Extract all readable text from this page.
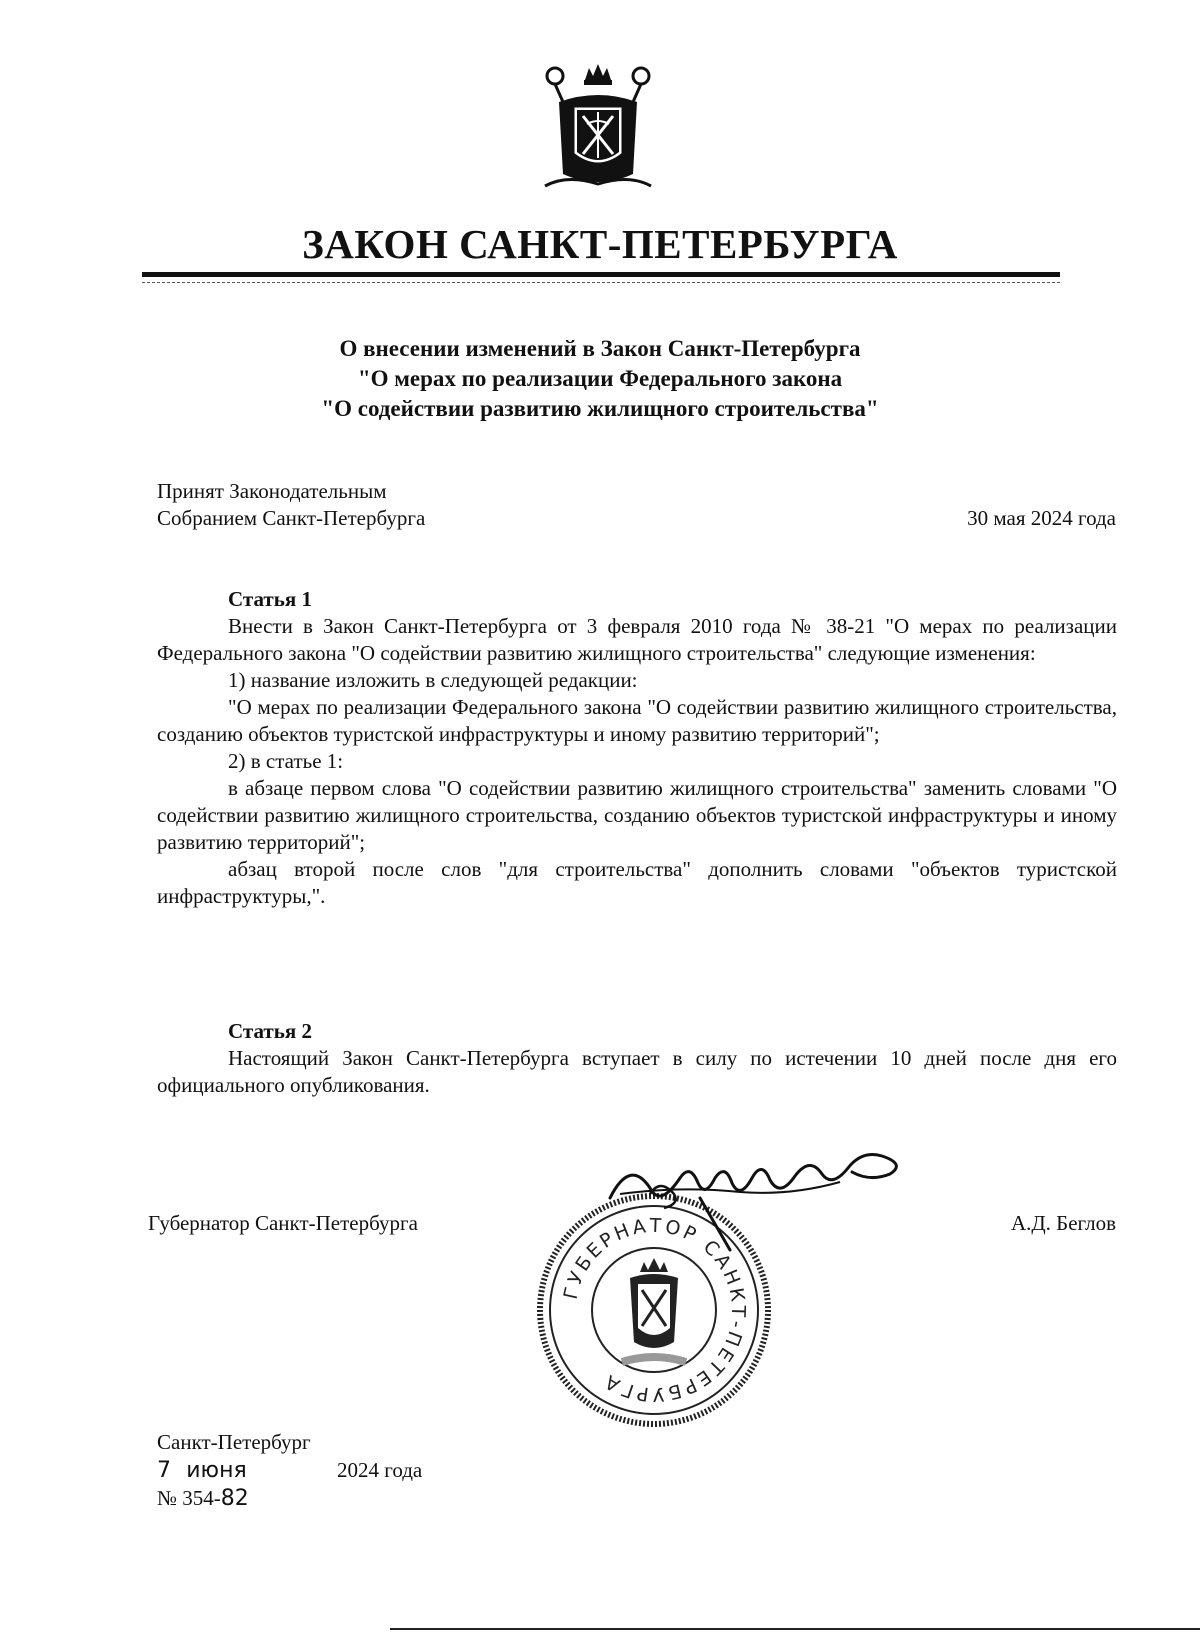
ЗАКОН САНКТ-ПЕТЕРБУРГА
О внесении изменений в Закон Санкт-Петербурга
"О мерах по реализации Федерального закона
"О содействии развитию жилищного строительства"
Принят Законодательным
Собранием Санкт-Петербурга	30 мая 2024 года
Статья 1

Внести в Закон Санкт-Петербурга от 3 февраля 2010 года № 38-21 "О мерах по реализации Федерального закона "О содействии развитию жилищного строительства" следующие изменения:

1) название изложить в следующей редакции:

"О мерах по реализации Федерального закона "О содействии развитию жилищного строительства, созданию объектов туристской инфраструктуры и иному развитию территорий";

2) в статье 1:

в абзаце первом слова "О содействии развитию жилищного строительства" заменить словами "О содействии развитию жилищного строительства, созданию объектов туристской инфраструктуры и иному развитию территорий";

абзац второй после слов "для строительства" дополнить словами "объектов туристской инфраструктуры,".

Статья 2

Настоящий Закон Санкт-Петербурга вступает в силу по истечении 10 дней после дня его официального опубликования.

Губернатор Санкт-Петербурга	А.Д. Беглов
ГУБЕРНАТОР САНКТ-ПЕТЕРБУРГА
Санкт-Петербург
7 июня	2024 года
№ 354-82
